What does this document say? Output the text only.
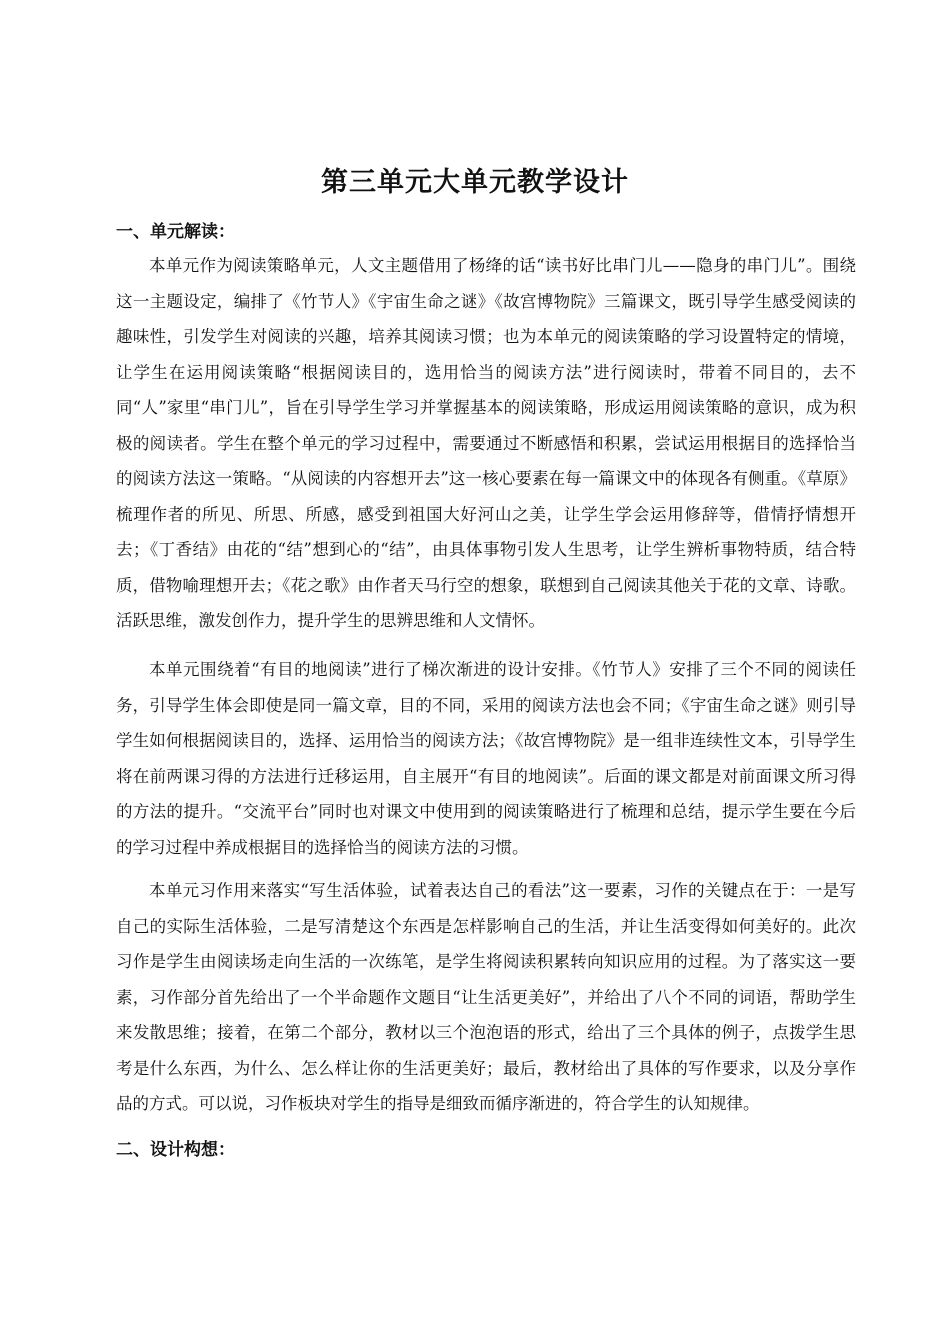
第三单元大单元教学设计
一、单元解读：

本单元作为阅读策略单元，人文主题借用了杨绛的话“读书好比串门儿——隐身的串门儿”。围绕这一主题设定，编排了《竹节人》《宇宙生命之谜》《故宫博物院》三篇课文，既引导学生感受阅读的趣味性，引发学生对阅读的兴趣，培养其阅读习惯；也为本单元的阅读策略的学习设置特定的情境，让学生在运用阅读策略“根据阅读目的，选用恰当的阅读方法”进行阅读时，带着不同目的，去不同“人”家里“串门儿”，旨在引导学生学习并掌握基本的阅读策略，形成运用阅读策略的意识，成为积极的阅读者。学生在整个单元的学习过程中，需要通过不断感悟和积累，尝试运用根据目的选择恰当的阅读方法这一策略。“从阅读的内容想开去”这一核心要素在每一篇课文中的体现各有侧重。《草原》梳理作者的所见、所思、所感，感受到祖国大好河山之美，让学生学会运用修辞等，借情抒情想开去；《丁香结》由花的“结”想到心的“结”，由具体事物引发人生思考，让学生辨析事物特质，结合特质，借物喻理想开去；《花之歌》由作者天马行空的想象，联想到自己阅读其他关于花的文章、诗歌。活跃思维，激发创作力，提升学生的思辨思维和人文情怀。

本单元围绕着“有目的地阅读”进行了梯次渐进的设计安排。《竹节人》安排了三个不同的阅读任务，引导学生体会即使是同一篇文章，目的不同，采用的阅读方法也会不同；《宇宙生命之谜》则引导学生如何根据阅读目的，选择、运用恰当的阅读方法；《故宫博物院》是一组非连续性文本，引导学生将在前两课习得的方法进行迁移运用，自主展开“有目的地阅读”。后面的课文都是对前面课文所习得的方法的提升。“交流平台”同时也对课文中使用到的阅读策略进行了梳理和总结，提示学生要在今后的学习过程中养成根据目的选择恰当的阅读方法的习惯。

本单元习作用来落实“写生活体验，试着表达自己的看法”这一要素，习作的关键点在于：一是写自己的实际生活体验，二是写清楚这个东西是怎样影响自己的生活，并让生活变得如何美好的。此次习作是学生由阅读场走向生活的一次练笔，是学生将阅读积累转向知识应用的过程。为了落实这一要素，习作部分首先给出了一个半命题作文题目“让生活更美好”，并给出了八个不同的词语，帮助学生来发散思维；接着，在第二个部分，教材以三个泡泡语的形式，给出了三个具体的例子，点拨学生思考是什么东西，为什么、怎么样让你的生活更美好；最后，教材给出了具体的写作要求，以及分享作品的方式。可以说，习作板块对学生的指导是细致而循序渐进的，符合学生的认知规律。

二、设计构想：
